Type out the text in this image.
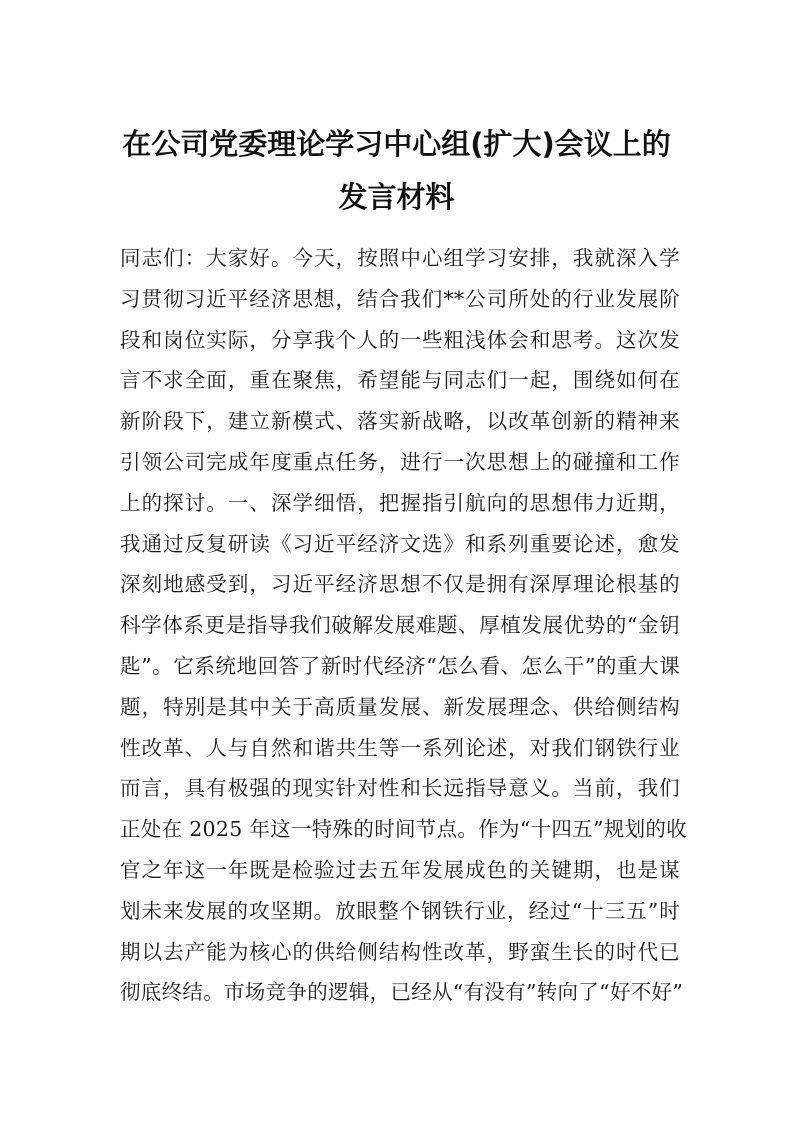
在公司党委理论学习中心组(扩大)会议上的
发言材料
同志们：大家好。今天，按照中心组学习安排，我就深入学
习贯彻习近平经济思想，结合我们**公司所处的行业发展阶
段和岗位实际，分享我个人的一些粗浅体会和思考。这次发
言不求全面，重在聚焦，希望能与同志们一起，围绕如何在
新阶段下，建立新模式、落实新战略，以改革创新的精神来
引领公司完成年度重点任务，进行一次思想上的碰撞和工作
上的探讨。一、深学细悟，把握指引航向的思想伟力近期，
我通过反复研读《习近平经济文选》和系列重要论述，愈发
深刻地感受到，习近平经济思想不仅是拥有深厚理论根基的
科学体系更是指导我们破解发展难题、厚植发展优势的“金钥
匙”。它系统地回答了新时代经济“怎么看、怎么干”的重大课
题，特别是其中关于高质量发展、新发展理念、供给侧结构
性改革、人与自然和谐共生等一系列论述，对我们钢铁行业
而言，具有极强的现实针对性和长远指导意义。当前，我们
正处在 2025 年这一特殊的时间节点。作为“十四五”规划的收
官之年这一年既是检验过去五年发展成色的关键期，也是谋
划未来发展的攻坚期。放眼整个钢铁行业，经过“十三五”时
期以去产能为核心的供给侧结构性改革，野蛮生长的时代已
彻底终结。市场竞争的逻辑，已经从“有没有”转向了“好不好”
